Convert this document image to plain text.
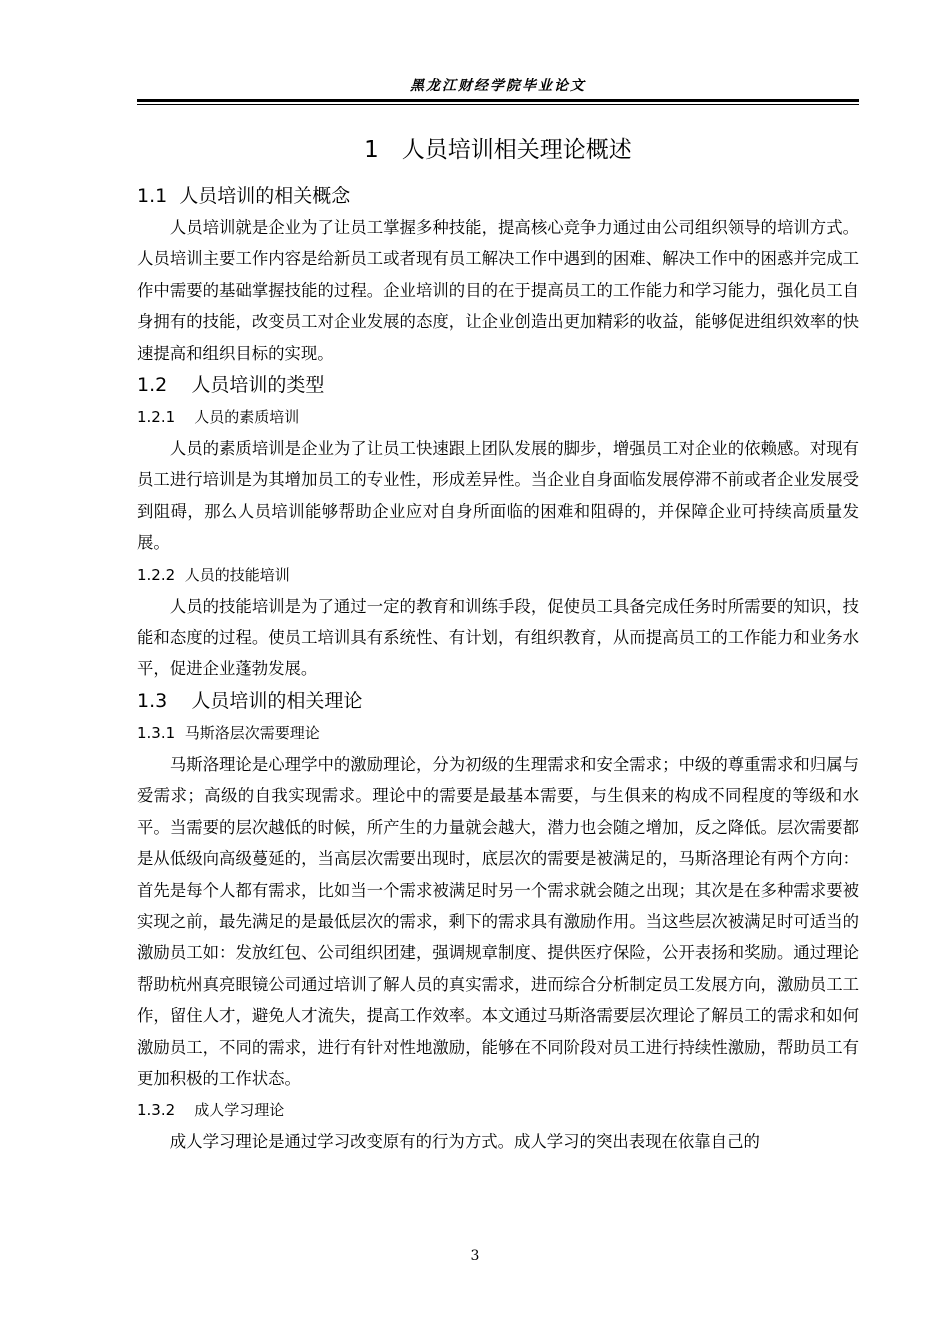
黑龙江财经学院毕业论文
1　人员培训相关理论概述
1.1  人员培训的相关概念

人员培训就是企业为了让员工掌握多种技能，提高核心竞争力通过由公司组织领导的培训方式。人员培训主要工作内容是给新员工或者现有员工解决工作中遇到的困难、解决工作中的困惑并完成工作中需要的基础掌握技能的过程。企业培训的目的在于提高员工的工作能力和学习能力，强化员工自身拥有的技能，改变员工对企业发展的态度，让企业创造出更加精彩的收益，能够促进组织效率的快速提高和组织目标的实现。

1.2    人员培训的类型
1.2.1    人员的素质培训

人员的素质培训是企业为了让员工快速跟上团队发展的脚步，增强员工对企业的依赖感。对现有员工进行培训是为其增加员工的专业性，形成差异性。当企业自身面临发展停滞不前或者企业发展受到阻碍，那么人员培训能够帮助企业应对自身所面临的困难和阻碍的，并保障企业可持续高质量发展。

1.2.2  人员的技能培训

人员的技能培训是为了通过一定的教育和训练手段，促使员工具备完成任务时所需要的知识，技能和态度的过程。使员工培训具有系统性、有计划，有组织教育，从而提高员工的工作能力和业务水平，促进企业蓬勃发展。

1.3    人员培训的相关理论
1.3.1  马斯洛层次需要理论

马斯洛理论是心理学中的激励理论，分为初级的生理需求和安全需求；中级的尊重需求和归属与爱需求；高级的自我实现需求。理论中的需要是最基本需要，与生俱来的构成不同程度的等级和水平。当需要的层次越低的时候，所产生的力量就会越大，潜力也会随之增加，反之降低。层次需要都是从低级向高级蔓延的，当高层次需要出现时，底层次的需要是被满足的，马斯洛理论有两个方向：首先是每个人都有需求，比如当一个需求被满足时另一个需求就会随之出现；其次是在多种需求要被实现之前，最先满足的是最低层次的需求，剩下的需求具有激励作用。当这些层次被满足时可适当的激励员工如：发放红包、公司组织团建，强调规章制度、提供医疗保险，公开表扬和奖励。通过理论帮助杭州真亮眼镜公司通过培训了解人员的真实需求，进而综合分析制定员工发展方向，激励员工工作，留住人才，避免人才流失，提高工作效率。本文通过马斯洛需要层次理论了解员工的需求和如何激励员工，不同的需求，进行有针对性地激励，能够在不同阶段对员工进行持续性激励，帮助员工有更加积极的工作状态。

1.3.2    成人学习理论

成人学习理论是通过学习改变原有的行为方式。成人学习的突出表现在依靠自己的

3
